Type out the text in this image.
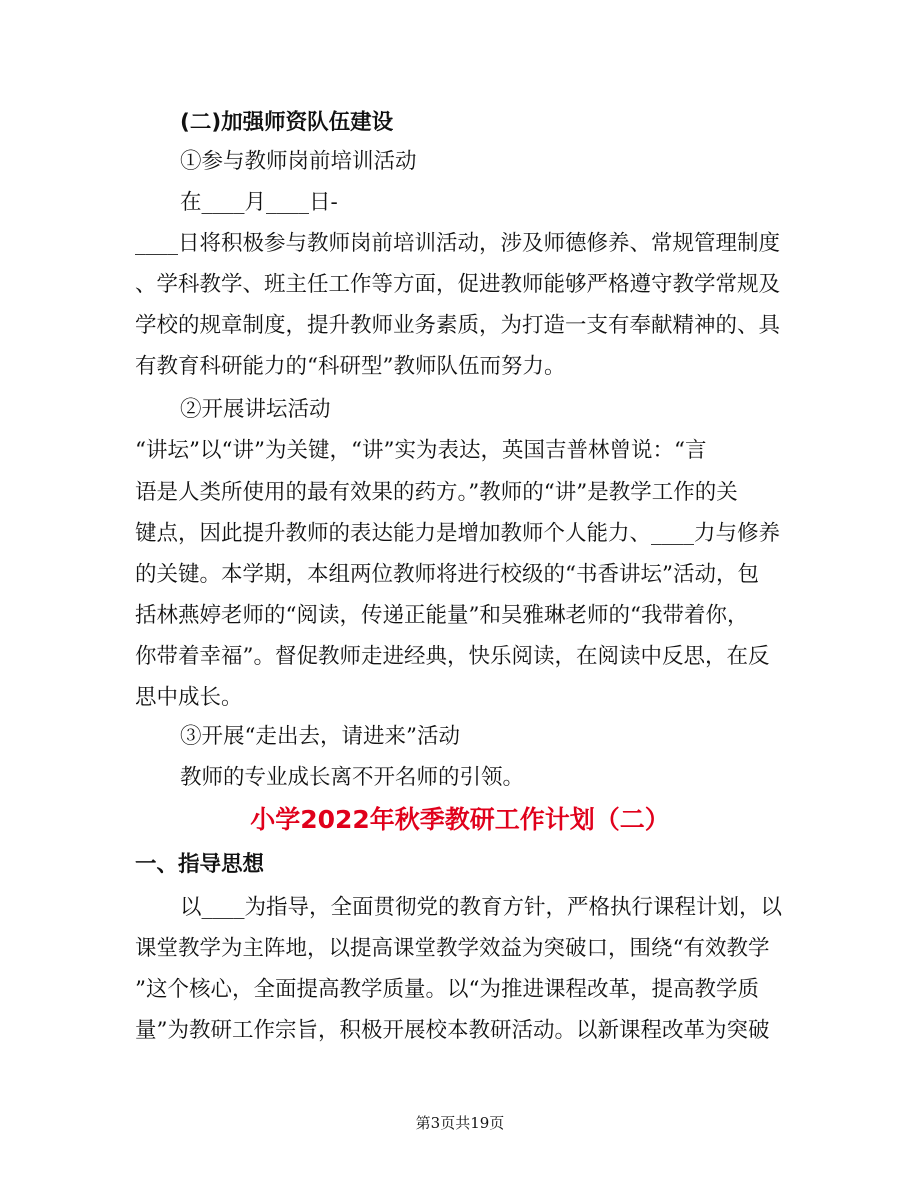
(二)加强师资队伍建设
①参与教师岗前培训活动
在____月____日-
____日将积极参与教师岗前培训活动，涉及师德修养、常规管理制度
、学科教学、班主任工作等方面，促进教师能够严格遵守教学常规及
学校的规章制度，提升教师业务素质，为打造一支有奉献精神的、具
有教育科研能力的“科研型”教师队伍而努力。
②开展讲坛活动
“讲坛”以“讲”为关键，“讲”实为表达，英国吉普林曾说：“言
语是人类所使用的最有效果的药方。”教师的“讲”是教学工作的关
键点，因此提升教师的表达能力是增加教师个人能力、____力与修养
的关键。本学期，本组两位教师将进行校级的“书香讲坛”活动，包
括林燕婷老师的“阅读，传递正能量”和吴雅琳老师的“我带着你，
你带着幸福”。督促教师走进经典，快乐阅读，在阅读中反思，在反
思中成长。
③开展“走出去，请进来”活动
教师的专业成长离不开名师的引领。
小学2022年秋季教研工作计划（二）
一、指导思想
以____为指导，全面贯彻党的教育方针，严格执行课程计划，以
课堂教学为主阵地，以提高课堂教学效益为突破口，围绕“有效教学
”这个核心，全面提高教学质量。以“为推进课程改革，提高教学质
量”为教研工作宗旨，积极开展校本教研活动。以新课程改革为突破
第3页共19页
